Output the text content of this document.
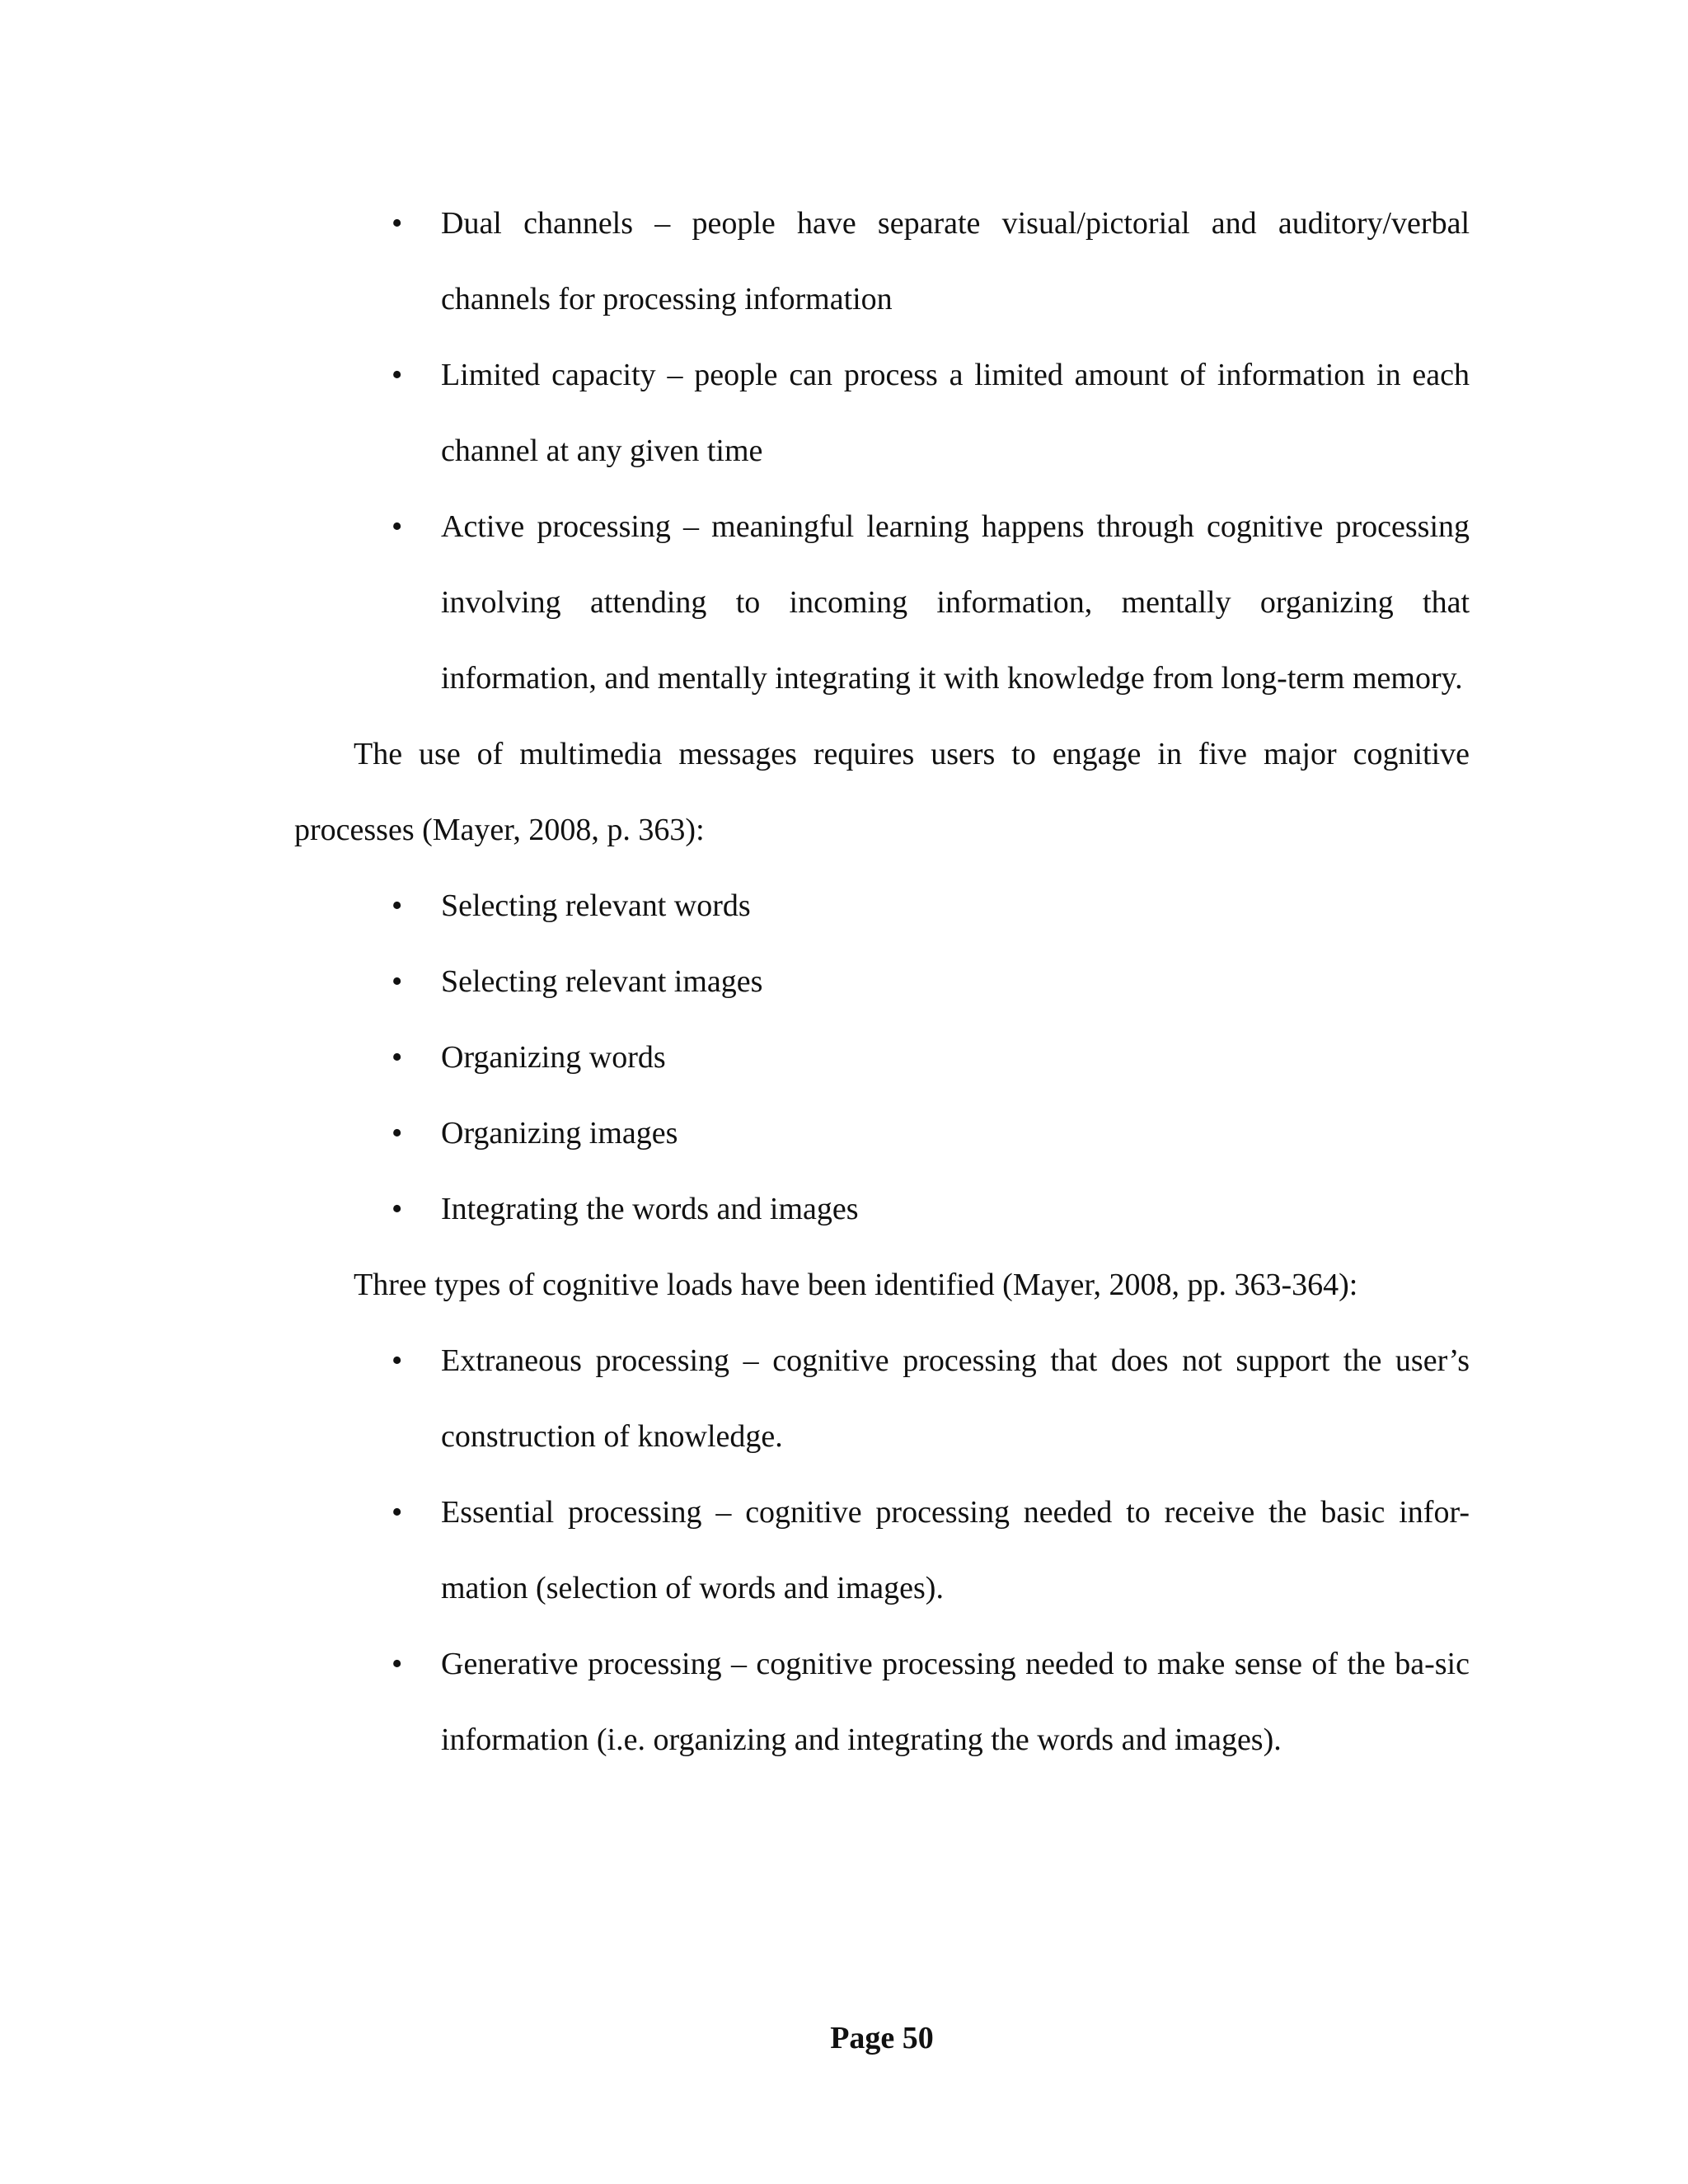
• Dual channels – people have separate visual/pictorial and auditory/verbal channels for processing information
• Limited capacity – people can process a limited amount of information in each channel at any given time
• Active processing – meaningful learning happens through cognitive processing involving attending to incoming information, mentally organizing that information, and mentally integrating it with knowledge from long-term memory.

The use of multimedia messages requires users to engage in five major cognitive processes (Mayer, 2008, p. 363):

• Selecting relevant words
• Selecting relevant images
• Organizing words
• Organizing images
• Integrating the words and images

Three types of cognitive loads have been identified (Mayer, 2008, pp. 363-364):

• Extraneous processing – cognitive processing that does not support the user’s construction of knowledge.
• Essential processing – cognitive processing needed to receive the basic infor-mation (selection of words and images).
• Generative processing – cognitive processing needed to make sense of the ba-sic information (i.e. organizing and integrating the words and images).
Page 50
